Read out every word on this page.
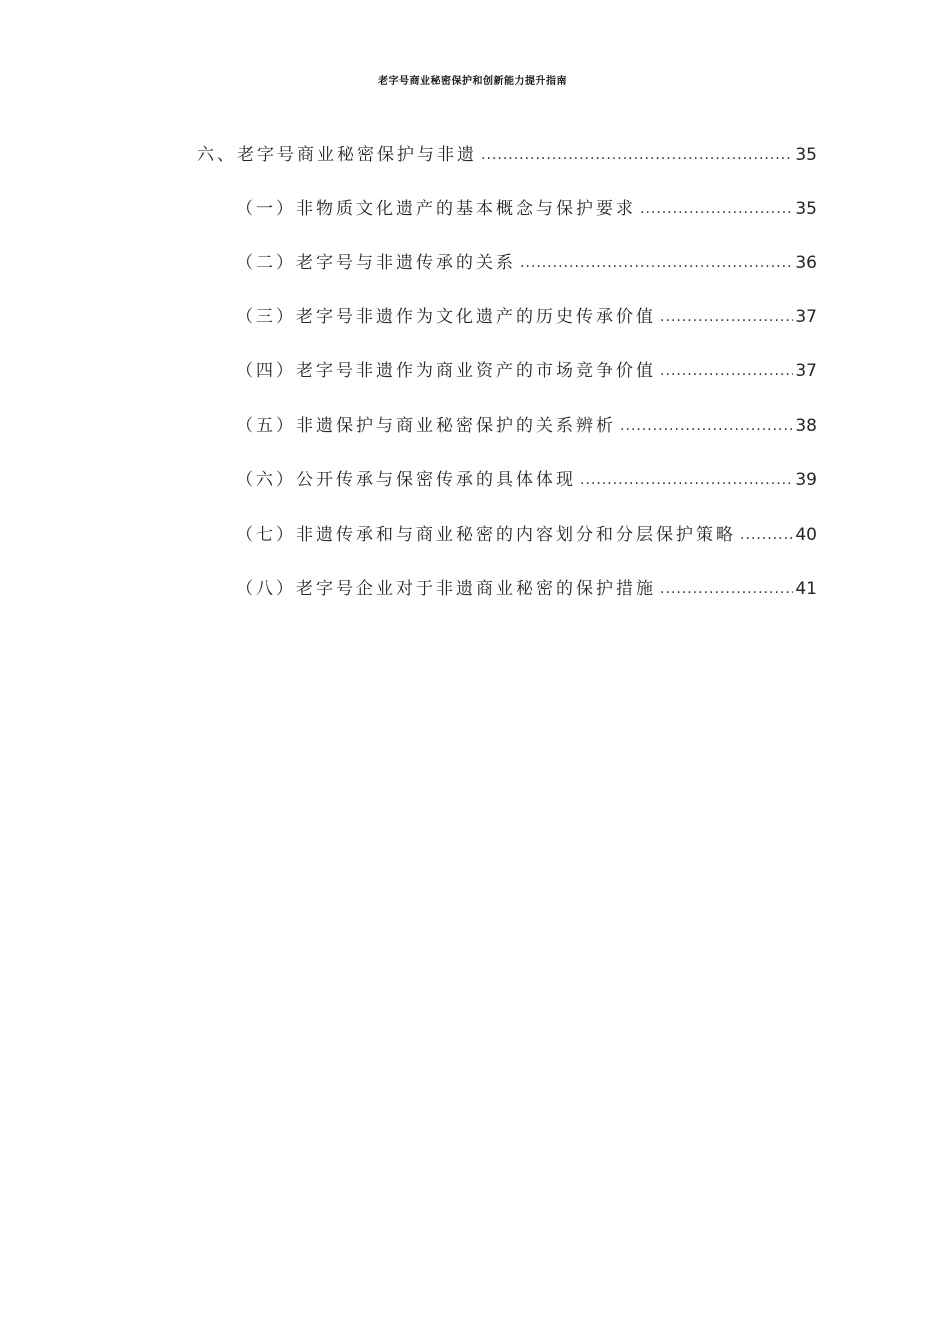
老字号商业秘密保护和创新能力提升指南
六、老字号商业秘密保护与非遗 .....	35
（一）非物质文化遗产的基本概念与保护要求 .....	35
（二）老字号与非遗传承的关系 .....	36
（三）老字号非遗作为文化遗产的历史传承价值 .....	37
（四）老字号非遗作为商业资产的市场竞争价值 .....	37
（五）非遗保护与商业秘密保护的关系辨析 .....	38
（六）公开传承与保密传承的具体体现 .....	39
（七）非遗传承和与商业秘密的内容划分和分层保护策略 .....	40
（八）老字号企业对于非遗商业秘密的保护措施 .....	41
